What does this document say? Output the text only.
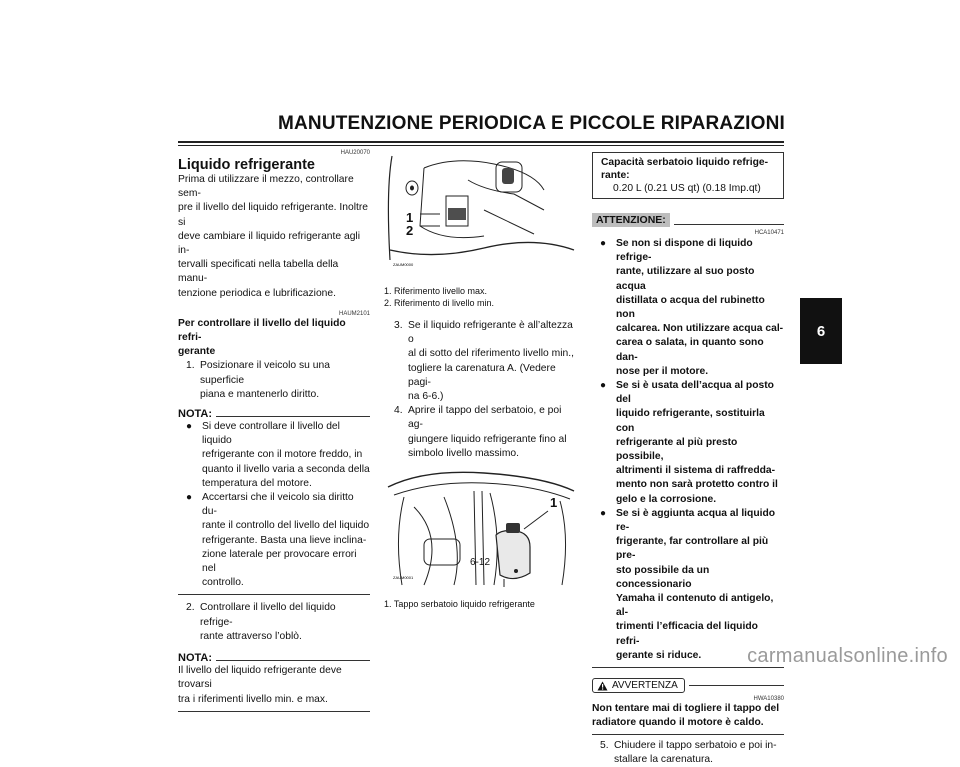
MANUTENZIONE PERIODICA E PICCOLE RIPARAZIONI
6
HAU20070
Liquido refrigerante
Prima di utilizzare il mezzo, controllare sem-
pre il livello del liquido refrigerante. Inoltre si
deve cambiare il liquido refrigerante agli in-
tervalli specificati nella tabella della manu-
tenzione periodica e lubrificazione.
HAUM2101
Per controllare il livello del liquido refri-
gerante
1. Posizionare il veicolo su una superficie
piana e mantenerlo diritto.
NOTA:
● Si deve controllare il livello del liquido
refrigerante con il motore freddo, in
quanto il livello varia a seconda della
temperatura del motore.
● Accertarsi che il veicolo sia diritto du-
rante il controllo del livello del liquido
refrigerante. Basta una lieve inclina-
zione laterale per provocare errori nel
controllo.
2. Controllare il livello del liquido refrige-
rante attraverso l’oblò.
NOTA:
Il livello del liquido refrigerante deve trovarsi
tra i riferimenti livello min. e max.
ZAUM0000
1
2
1. Riferimento livello max.
2. Riferimento di livello min.
3. Se il liquido refrigerante è all’altezza o
al di sotto del riferimento livello min.,
togliere la carenatura A. (Vedere pagi-
na 6-6.)
4. Aprire il tappo del serbatoio, e poi ag-
giungere liquido refrigerante fino al
simbolo livello massimo.
ZAUM0001
1
1. Tappo serbatoio liquido refrigerante
Capacità serbatoio liquido refrige-
rante:
0.20 L (0.21 US qt) (0.18 Imp.qt)
ATTENZIONE:
HCA10471
● Se non si dispone di liquido refrige-
rante, utilizzare al suo posto acqua
distillata o acqua del rubinetto non
calcarea. Non utilizzare acqua cal-
carea o salata, in quanto sono dan-
nose per il motore.
● Se si è usata dell’acqua al posto del
liquido refrigerante, sostituirla con
refrigerante al più presto possibile,
altrimenti il sistema di raffredda-
mento non sarà protetto contro il
gelo e la corrosione.
● Se si è aggiunta acqua al liquido re-
frigerante, far controllare al più pre-
sto possibile da un concessionario
Yamaha il contenuto di antigelo, al-
trimenti l’efficacia del liquido refri-
gerante si riduce.
AVVERTENZA
HWA10380
Non tentare mai di togliere il tappo del
radiatore quando il motore è caldo.
5. Chiudere il tappo serbatoio e poi in-
stallare la carenatura.
6-12
carmanualsonline.info
